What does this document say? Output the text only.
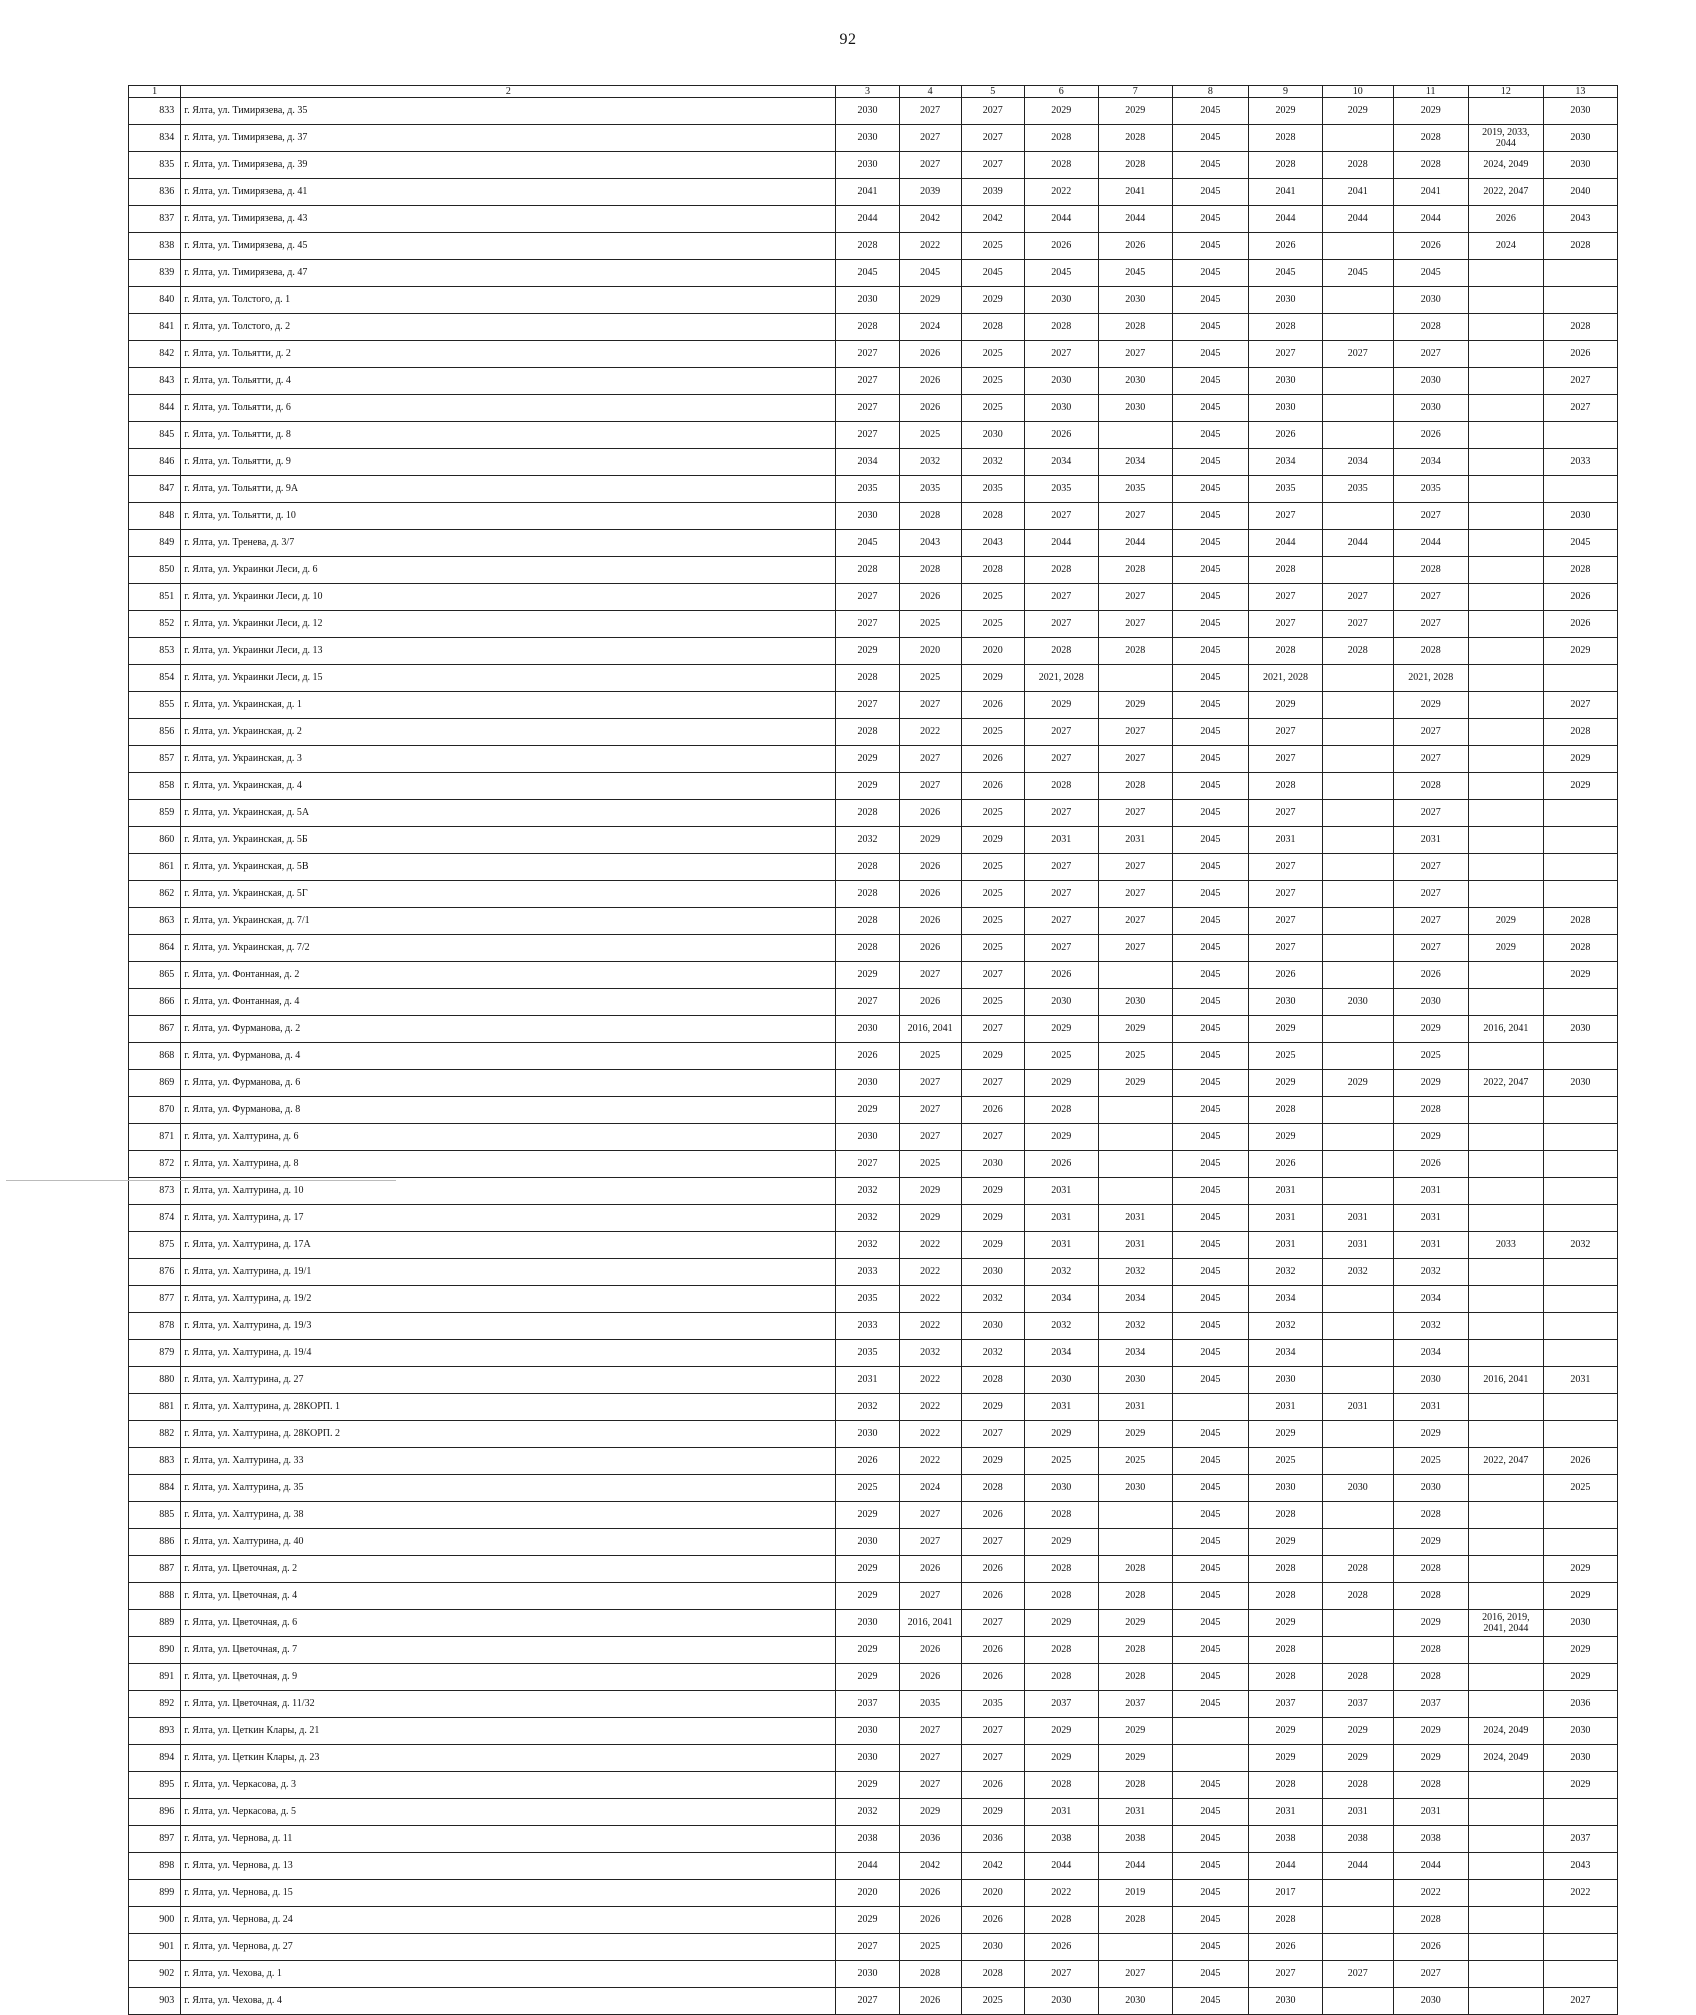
92
1	2	3	4	5	6	7	8	9	10	11	12	13
833	г. Ялта, ул. Тимирязева, д. 35	2030	2027	2027	2029	2029	2045	2029	2029	2029		2030
834	г. Ялта, ул. Тимирязева, д. 37	2030	2027	2027	2028	2028	2045	2028		2028	2019, 2033, 2044	2030
835	г. Ялта, ул. Тимирязева, д. 39	2030	2027	2027	2028	2028	2045	2028	2028	2028	2024, 2049	2030
836	г. Ялта, ул. Тимирязева, д. 41	2041	2039	2039	2022	2041	2045	2041	2041	2041	2022, 2047	2040
837	г. Ялта, ул. Тимирязева, д. 43	2044	2042	2042	2044	2044	2045	2044	2044	2044	2026	2043
838	г. Ялта, ул. Тимирязева, д. 45	2028	2022	2025	2026	2026	2045	2026		2026	2024	2028
839	г. Ялта, ул. Тимирязева, д. 47	2045	2045	2045	2045	2045	2045	2045	2045	2045		
840	г. Ялта, ул. Толстого, д. 1	2030	2029	2029	2030	2030	2045	2030		2030		
841	г. Ялта, ул. Толстого, д. 2	2028	2024	2028	2028	2028	2045	2028		2028		2028
842	г. Ялта, ул. Тольятти, д. 2	2027	2026	2025	2027	2027	2045	2027	2027	2027		2026
843	г. Ялта, ул. Тольятти, д. 4	2027	2026	2025	2030	2030	2045	2030		2030		2027
844	г. Ялта, ул. Тольятти, д. 6	2027	2026	2025	2030	2030	2045	2030		2030		2027
845	г. Ялта, ул. Тольятти, д. 8	2027	2025	2030	2026		2045	2026		2026		
846	г. Ялта, ул. Тольятти, д. 9	2034	2032	2032	2034	2034	2045	2034	2034	2034		2033
847	г. Ялта, ул. Тольятти, д. 9А	2035	2035	2035	2035	2035	2045	2035	2035	2035		
848	г. Ялта, ул. Тольятти, д. 10	2030	2028	2028	2027	2027	2045	2027		2027		2030
849	г. Ялта, ул. Тренева, д. 3/7	2045	2043	2043	2044	2044	2045	2044	2044	2044		2045
850	г. Ялта, ул. Украинки Леси, д. 6	2028	2028	2028	2028	2028	2045	2028		2028		2028
851	г. Ялта, ул. Украинки Леси, д. 10	2027	2026	2025	2027	2027	2045	2027	2027	2027		2026
852	г. Ялта, ул. Украинки Леси, д. 12	2027	2025	2025	2027	2027	2045	2027	2027	2027		2026
853	г. Ялта, ул. Украинки Леси, д. 13	2029	2020	2020	2028	2028	2045	2028	2028	2028		2029
854	г. Ялта, ул. Украинки Леси, д. 15	2028	2025	2029	2021, 2028		2045	2021, 2028		2021, 2028		
855	г. Ялта, ул. Украинская, д. 1	2027	2027	2026	2029	2029	2045	2029		2029		2027
856	г. Ялта, ул. Украинская, д. 2	2028	2022	2025	2027	2027	2045	2027		2027		2028
857	г. Ялта, ул. Украинская, д. 3	2029	2027	2026	2027	2027	2045	2027		2027		2029
858	г. Ялта, ул. Украинская, д. 4	2029	2027	2026	2028	2028	2045	2028		2028		2029
859	г. Ялта, ул. Украинская, д. 5А	2028	2026	2025	2027	2027	2045	2027		2027		
860	г. Ялта, ул. Украинская, д. 5Б	2032	2029	2029	2031	2031	2045	2031		2031		
861	г. Ялта, ул. Украинская, д. 5В	2028	2026	2025	2027	2027	2045	2027		2027		
862	г. Ялта, ул. Украинская, д. 5Г	2028	2026	2025	2027	2027	2045	2027		2027		
863	г. Ялта, ул. Украинская, д. 7/1	2028	2026	2025	2027	2027	2045	2027		2027	2029	2028
864	г. Ялта, ул. Украинская, д. 7/2	2028	2026	2025	2027	2027	2045	2027		2027	2029	2028
865	г. Ялта, ул. Фонтанная, д. 2	2029	2027	2027	2026		2045	2026		2026		2029
866	г. Ялта, ул. Фонтанная, д. 4	2027	2026	2025	2030	2030	2045	2030	2030	2030		
867	г. Ялта, ул. Фурманова, д. 2	2030	2016, 2041	2027	2029	2029	2045	2029		2029	2016, 2041	2030
868	г. Ялта, ул. Фурманова, д. 4	2026	2025	2029	2025	2025	2045	2025		2025		
869	г. Ялта, ул. Фурманова, д. 6	2030	2027	2027	2029	2029	2045	2029	2029	2029	2022, 2047	2030
870	г. Ялта, ул. Фурманова, д. 8	2029	2027	2026	2028		2045	2028		2028		
871	г. Ялта, ул. Халтурина, д. 6	2030	2027	2027	2029		2045	2029		2029		
872	г. Ялта, ул. Халтурина, д. 8	2027	2025	2030	2026		2045	2026		2026		
873	г. Ялта, ул. Халтурина, д. 10	2032	2029	2029	2031		2045	2031		2031		
874	г. Ялта, ул. Халтурина, д. 17	2032	2029	2029	2031	2031	2045	2031	2031	2031		
875	г. Ялта, ул. Халтурина, д. 17А	2032	2022	2029	2031	2031	2045	2031	2031	2031	2033	2032
876	г. Ялта, ул. Халтурина, д. 19/1	2033	2022	2030	2032	2032	2045	2032	2032	2032		
877	г. Ялта, ул. Халтурина, д. 19/2	2035	2022	2032	2034	2034	2045	2034		2034		
878	г. Ялта, ул. Халтурина, д. 19/3	2033	2022	2030	2032	2032	2045	2032		2032		
879	г. Ялта, ул. Халтурина, д. 19/4	2035	2032	2032	2034	2034	2045	2034		2034		
880	г. Ялта, ул. Халтурина, д. 27	2031	2022	2028	2030	2030	2045	2030		2030	2016, 2041	2031
881	г. Ялта, ул. Халтурина, д. 28КОРП. 1	2032	2022	2029	2031	2031		2031	2031	2031		
882	г. Ялта, ул. Халтурина, д. 28КОРП. 2	2030	2022	2027	2029	2029	2045	2029		2029		
883	г. Ялта, ул. Халтурина, д. 33	2026	2022	2029	2025	2025	2045	2025		2025	2022, 2047	2026
884	г. Ялта, ул. Халтурина, д. 35	2025	2024	2028	2030	2030	2045	2030	2030	2030		2025
885	г. Ялта, ул. Халтурина, д. 38	2029	2027	2026	2028		2045	2028		2028		
886	г. Ялта, ул. Халтурина, д. 40	2030	2027	2027	2029		2045	2029		2029		
887	г. Ялта, ул. Цветочная, д. 2	2029	2026	2026	2028	2028	2045	2028	2028	2028		2029
888	г. Ялта, ул. Цветочная, д. 4	2029	2027	2026	2028	2028	2045	2028	2028	2028		2029
889	г. Ялта, ул. Цветочная, д. 6	2030	2016, 2041	2027	2029	2029	2045	2029		2029	2016, 2019, 2041, 2044	2030
890	г. Ялта, ул. Цветочная, д. 7	2029	2026	2026	2028	2028	2045	2028		2028		2029
891	г. Ялта, ул. Цветочная, д. 9	2029	2026	2026	2028	2028	2045	2028	2028	2028		2029
892	г. Ялта, ул. Цветочная, д. 11/32	2037	2035	2035	2037	2037	2045	2037	2037	2037		2036
893	г. Ялта, ул. Цеткин Клары, д. 21	2030	2027	2027	2029	2029		2029	2029	2029	2024, 2049	2030
894	г. Ялта, ул. Цеткин Клары, д. 23	2030	2027	2027	2029	2029		2029	2029	2029	2024, 2049	2030
895	г. Ялта, ул. Черкасова, д. 3	2029	2027	2026	2028	2028	2045	2028	2028	2028		2029
896	г. Ялта, ул. Черкасова, д. 5	2032	2029	2029	2031	2031	2045	2031	2031	2031		
897	г. Ялта, ул. Чернова, д. 11	2038	2036	2036	2038	2038	2045	2038	2038	2038		2037
898	г. Ялта, ул. Чернова, д. 13	2044	2042	2042	2044	2044	2045	2044	2044	2044		2043
899	г. Ялта, ул. Чернова, д. 15	2020	2026	2020	2022	2019	2045	2017		2022		2022
900	г. Ялта, ул. Чернова, д. 24	2029	2026	2026	2028	2028	2045	2028		2028		
901	г. Ялта, ул. Чернова, д. 27	2027	2025	2030	2026		2045	2026		2026		
902	г. Ялта, ул. Чехова, д. 1	2030	2028	2028	2027	2027	2045	2027	2027	2027		
903	г. Ялта, ул. Чехова, д. 4	2027	2026	2025	2030	2030	2045	2030		2030		2027
